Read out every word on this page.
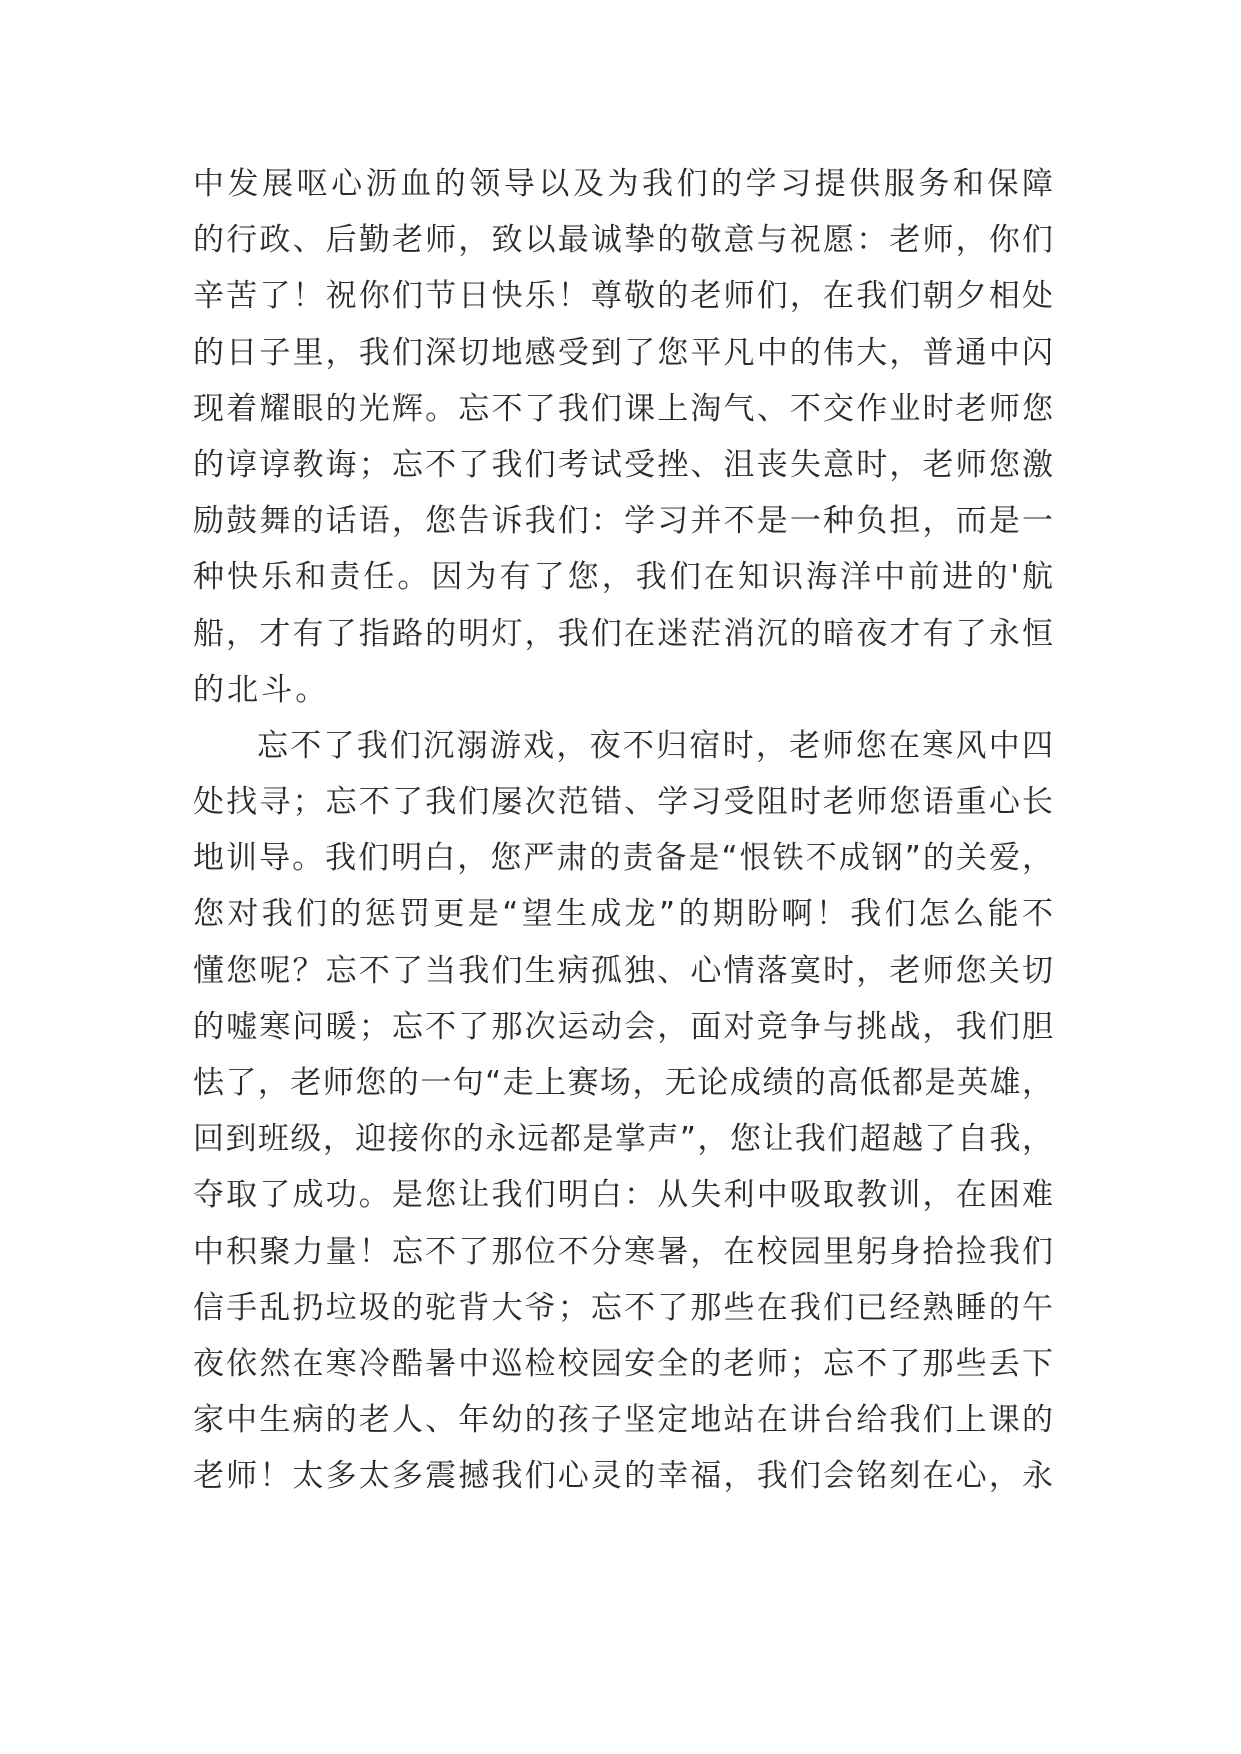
中发展呕心沥血的领导以及为我们的学习提供服务和保障
的行政、后勤老师，致以最诚挚的敬意与祝愿：老师，你们
辛苦了！祝你们节日快乐！尊敬的老师们，在我们朝夕相处
的日子里，我们深切地感受到了您平凡中的伟大，普通中闪
现着耀眼的光辉。忘不了我们课上淘气、不交作业时老师您
的谆谆教诲；忘不了我们考试受挫、沮丧失意时，老师您激
励鼓舞的话语，您告诉我们：学习并不是一种负担，而是一
种快乐和责任。因为有了您，我们在知识海洋中前进的'航
船，才有了指路的明灯，我们在迷茫消沉的暗夜才有了永恒
的北斗。
忘不了我们沉溺游戏，夜不归宿时，老师您在寒风中四
处找寻；忘不了我们屡次范错、学习受阻时老师您语重心长
地训导。我们明白，您严肃的责备是“恨铁不成钢”的关爱，
您对我们的惩罚更是“望生成龙”的期盼啊！我们怎么能不
懂您呢？忘不了当我们生病孤独、心情落寞时，老师您关切
的嘘寒问暖；忘不了那次运动会，面对竞争与挑战，我们胆
怯了，老师您的一句“走上赛场，无论成绩的高低都是英雄，
回到班级，迎接你的永远都是掌声”，您让我们超越了自我，
夺取了成功。是您让我们明白：从失利中吸取教训，在困难
中积聚力量！忘不了那位不分寒暑，在校园里躬身拾捡我们
信手乱扔垃圾的驼背大爷；忘不了那些在我们已经熟睡的午
夜依然在寒冷酷暑中巡检校园安全的老师；忘不了那些丢下
家中生病的老人、年幼的孩子坚定地站在讲台给我们上课的
老师！太多太多震撼我们心灵的幸福，我们会铭刻在心，永
